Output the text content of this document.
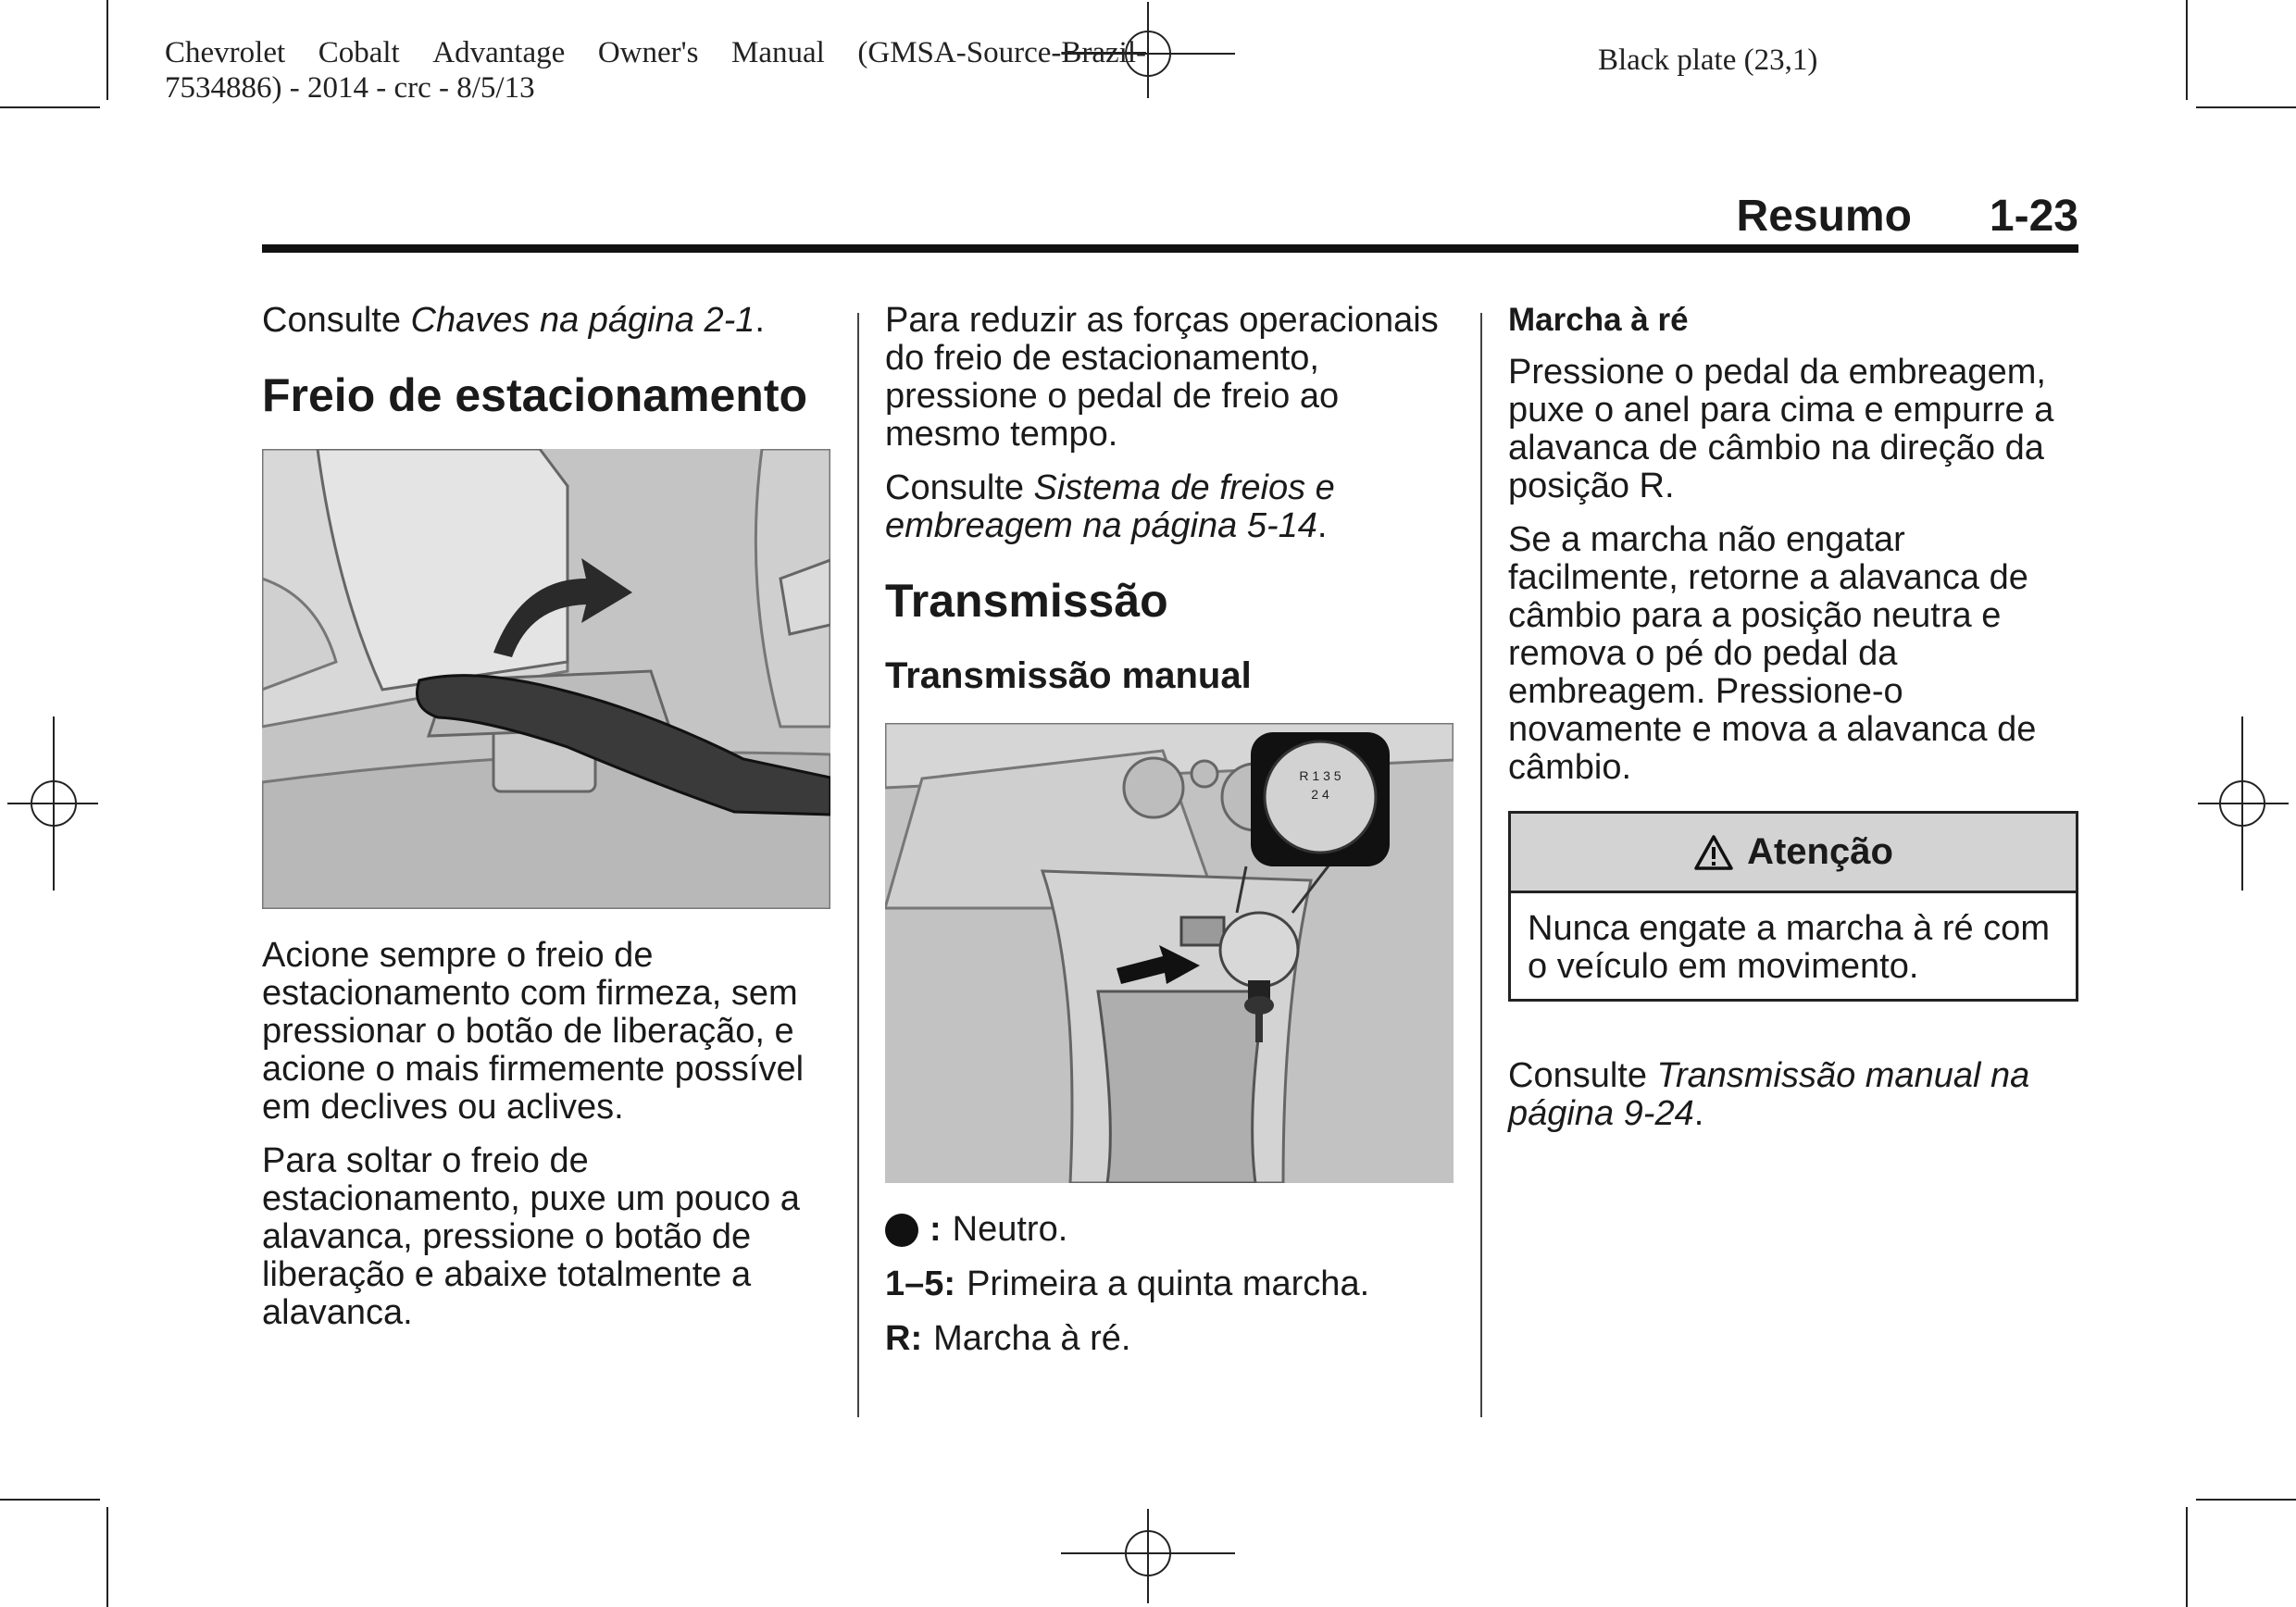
Chevrolet Cobalt Advantage Owner's Manual (GMSA-Source-Brazil-
7534886) - 2014 - crc - 8/5/13
Black plate (23,1)
Resumo 1-23

Consulte Chaves na página 2-1.

Freio de estacionamento

Acione sempre o freio de estacionamento com firmeza, sem pressionar o botão de liberação, e acione o mais firmemente possível em declives ou aclives.

Para soltar o freio de estacionamento, puxe um pouco a alavanca, pressione o botão de liberação e abaixe totalmente a alavanca.

Para reduzir as forças operacionais do freio de estacionamento, pressione o pedal de freio ao mesmo tempo.

Consulte Sistema de freios e embreagem na página 5-14.

Transmissão
Transmissão manual
R 1 3 5
2 4
: Neutro.
1–5: Primeira a quinta marcha.
R: Marcha à ré.
Marcha à ré

Pressione o pedal da embreagem, puxe o anel para cima e empurre a alavanca de câmbio na direção da posição R.

Se a marcha não engatar facilmente, retorne a alavanca de câmbio para a posição neutra e remova o pé do pedal da embreagem. Pressione-o novamente e mova a alavanca de câmbio.

Atenção
Nunca engate a marcha à ré com o veículo em movimento.

Consulte Transmissão manual na página 9-24.
